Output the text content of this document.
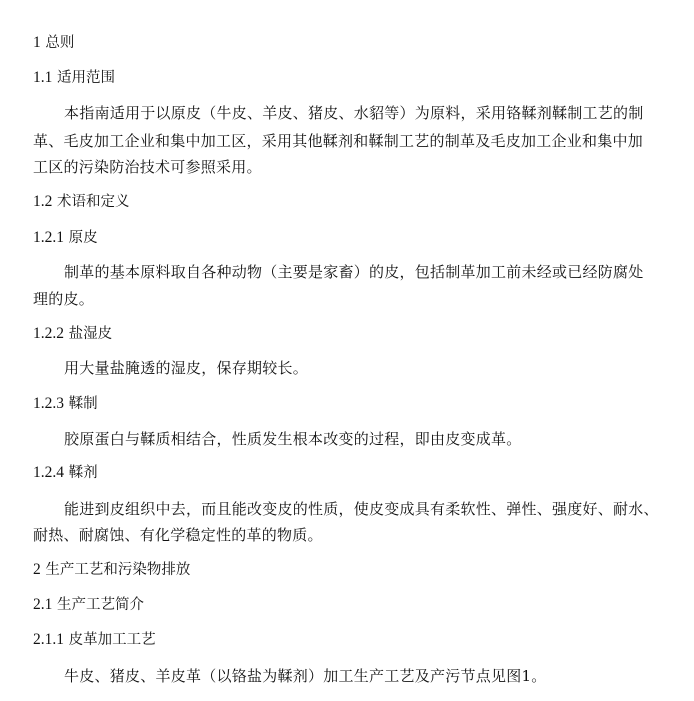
1 总则
1.1 适用范围
本指南适用于以原皮（牛皮、羊皮、猪皮、水貂等）为原料，采用铬鞣剂鞣制工艺的制
革、毛皮加工企业和集中加工区，采用其他鞣剂和鞣制工艺的制革及毛皮加工企业和集中加
工区的污染防治技术可参照采用。
1.2 术语和定义
1.2.1 原皮
制革的基本原料取自各种动物（主要是家畜）的皮，包括制革加工前未经或已经防腐处
理的皮。
1.2.2 盐湿皮
用大量盐腌透的湿皮，保存期较长。
1.2.3 鞣制
胶原蛋白与鞣质相结合，性质发生根本改变的过程，即由皮变成革。
1.2.4 鞣剂
能进到皮组织中去，而且能改变皮的性质，使皮变成具有柔软性、弹性、强度好、耐水、
耐热、耐腐蚀、有化学稳定性的革的物质。
2 生产工艺和污染物排放
2.1 生产工艺简介
2.1.1 皮革加工工艺
牛皮、猪皮、羊皮革（以铬盐为鞣剂）加工生产工艺及产污节点见图1。
